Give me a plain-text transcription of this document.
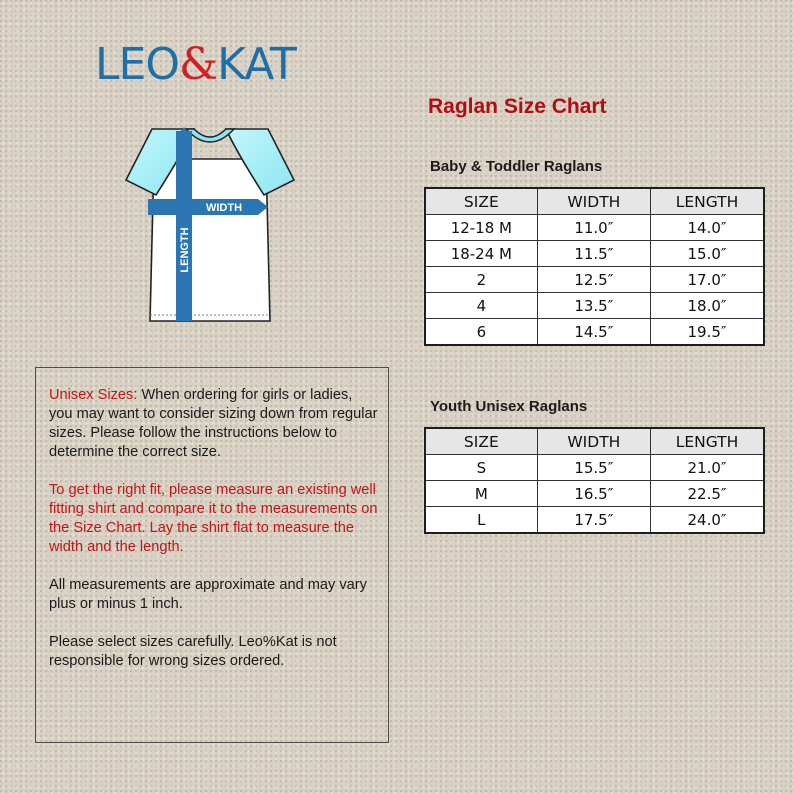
LEO&KAT
Raglan Size Chart
WIDTH
LENGTH
Baby & Toddler Raglans
SIZE	WIDTH	LENGTH
12-18 M	11.0″	14.0″
18-24 M	11.5″	15.0″
2	12.5″	17.0″
4	13.5″	18.0″
6	14.5″	19.5″
Youth Unisex Raglans
SIZE	WIDTH	LENGTH
S	15.5″	21.0″
M	16.5″	22.5″
L	17.5″	24.0″

Unisex Sizes: When ordering for girls or ladies, you may want to consider sizing down from regular sizes. Please follow the instructions below to determine the correct size.

To get the right fit, please measure an existing well fitting shirt and compare it to the measurements on the Size Chart. Lay the shirt flat to measure the width and the length.

All measurements are approximate and may vary plus or minus 1 inch.

Please select sizes carefully. Leo%Kat is not responsible for wrong sizes ordered.
